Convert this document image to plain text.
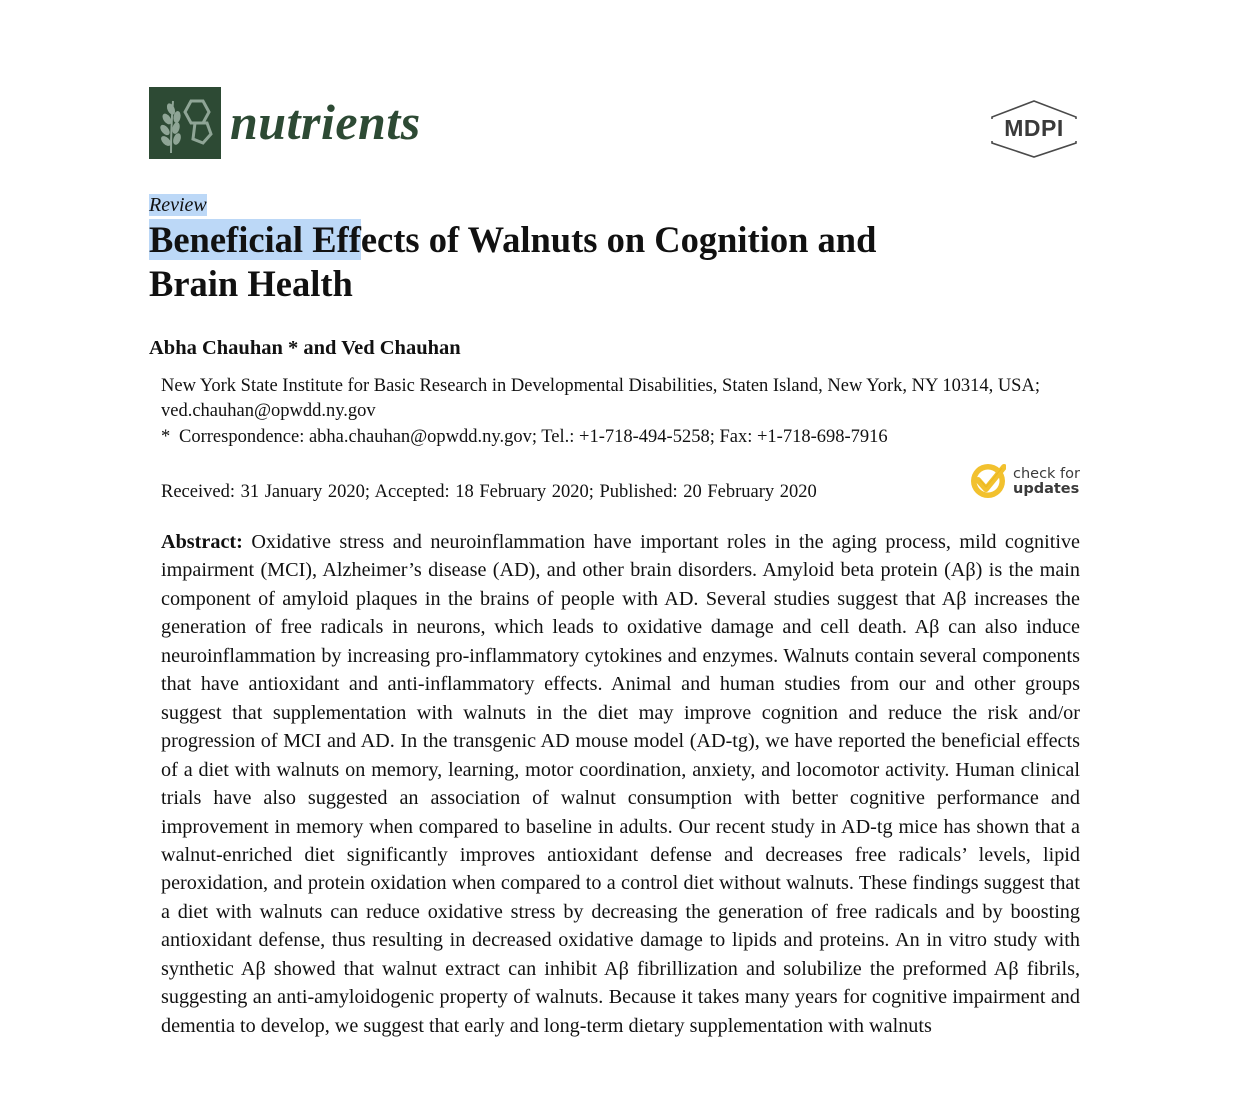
nutrients	MDPI
Review
Beneficial Effects of Walnuts on Cognition and
Brain Health
Abha Chauhan * and Ved Chauhan
New York State Institute for Basic Research in Developmental Disabilities, Staten Island, New York, NY 10314, USA; ved.chauhan@opwdd.ny.gov
* Correspondence: abha.chauhan@opwdd.ny.gov; Tel.: +1-718-494-5258; Fax: +1-718-698-7916
Received: 31 January 2020; Accepted: 18 February 2020; Published: 20 February 2020
check for
updates

Abstract: Oxidative stress and neuroinflammation have important roles in the aging process, mild cognitive impairment (MCI), Alzheimer’s disease (AD), and other brain disorders. Amyloid beta protein (Aβ) is the main component of amyloid plaques in the brains of people with AD. Several studies suggest that Aβ increases the generation of free radicals in neurons, which leads to oxidative damage and cell death. Aβ can also induce neuroinflammation by increasing pro-inflammatory cytokines and enzymes. Walnuts contain several components that have antioxidant and anti-inflammatory effects. Animal and human studies from our and other groups suggest that supplementation with walnuts in the diet may improve cognition and reduce the risk and/or progression of MCI and AD. In the transgenic AD mouse model (AD-tg), we have reported the beneficial effects of a diet with walnuts on memory, learning, motor coordination, anxiety, and locomotor activity. Human clinical trials have also suggested an association of walnut consumption with better cognitive performance and improvement in memory when compared to baseline in adults. Our recent study in AD-tg mice has shown that a walnut-enriched diet significantly improves antioxidant defense and decreases free radicals’ levels, lipid peroxidation, and protein oxidation when compared to a control diet without walnuts. These findings suggest that a diet with walnuts can reduce oxidative stress by decreasing the generation of free radicals and by boosting antioxidant defense, thus resulting in decreased oxidative damage to lipids and proteins. An in vitro study with synthetic Aβ showed that walnut extract can inhibit Aβ fibrillization and solubilize the preformed Aβ fibrils, suggesting an anti-amyloidogenic property of walnuts. Because it takes many years for cognitive impairment and dementia to develop, we suggest that early and long-term dietary supplementation with walnuts
